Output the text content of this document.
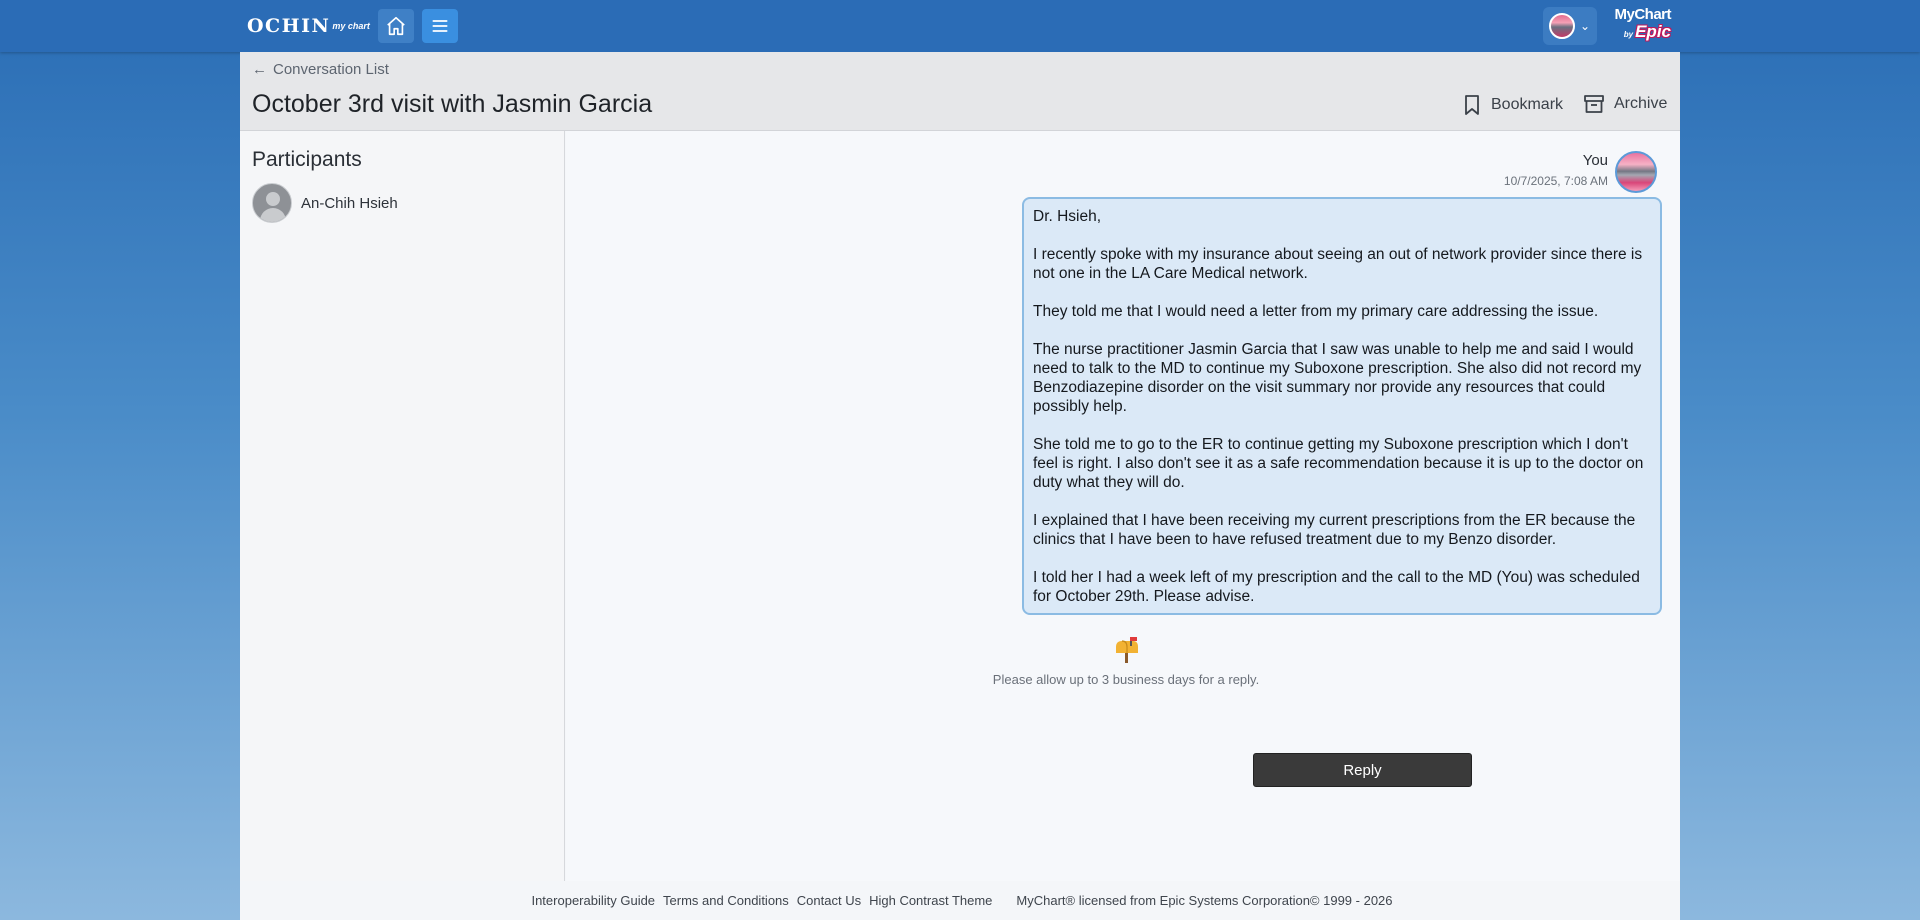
OCHIN my chart	⌄
MyChart
by Epic
← Conversation List
October 3rd visit with Jasmin Garcia	Bookmark	Archive
Participants
An-Chih Hsieh
You
10/7/2025, 7:08 AM

Dr. Hsieh,

I recently spoke with my insurance about seeing an out of network provider since there is not one in the LA Care Medical network.

They told me that I would need a letter from my primary care addressing the issue.

The nurse practitioner Jasmin Garcia that I saw was unable to help me and said I would need to talk to the MD to continue my Suboxone prescription. She also did not record my Benzodiazepine disorder on the visit summary nor provide any resources that could possibly help.

She told me to go to the ER to continue getting my Suboxone prescription which I don't feel is right. I also don't see it as a safe recommendation because it is up to the doctor on duty what they will do.

I explained that I have been receiving my current prescriptions from the ER because the clinics that I have been to have refused treatment due to my Benzo disorder.

I told her I had a week left of my prescription and the call to the MD (You) was scheduled for October 29th. Please advise.

Please allow up to 3 business days for a reply.
Reply
Interoperability Guide Terms and Conditions Contact Us High Contrast Theme MyChart® licensed from Epic Systems Corporation© 1999 - 2026
